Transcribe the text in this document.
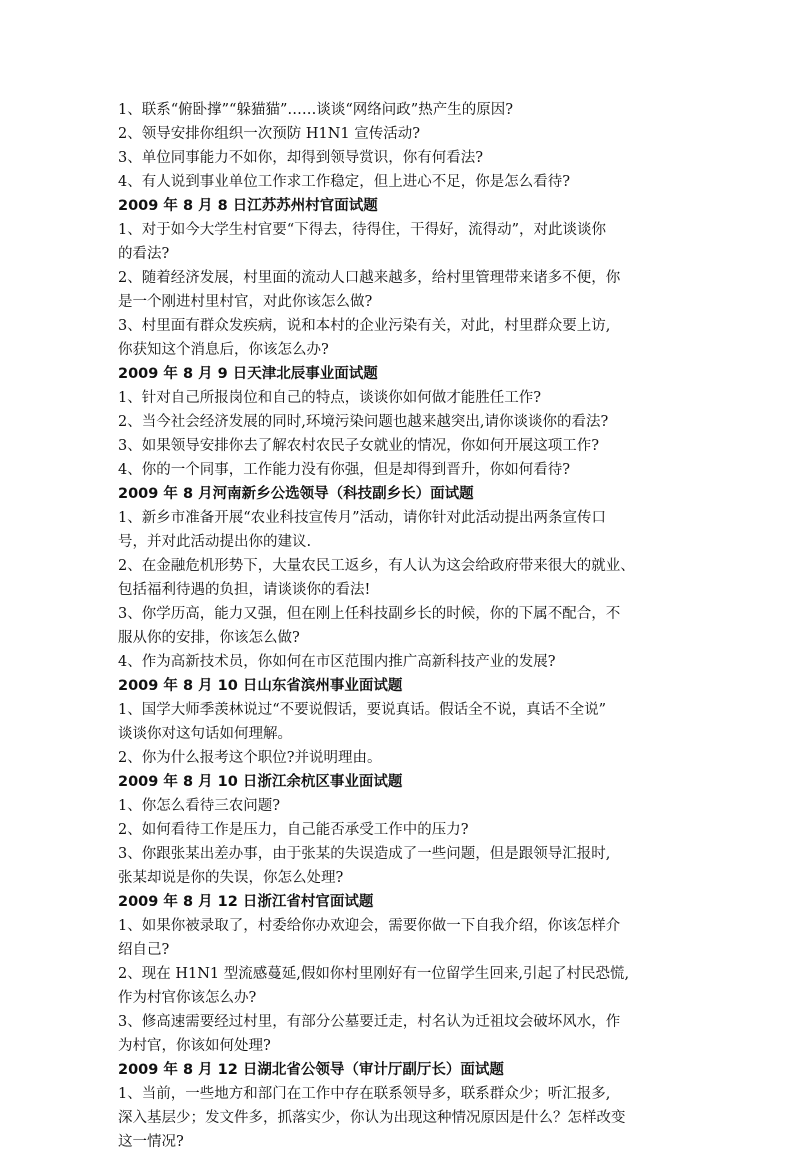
1、联系“俯卧撑”“躲猫猫”……谈谈“网络问政”热产生的原因?
2、领导安排你组织一次预防 H1N1 宣传活动?
3、单位同事能力不如你，却得到领导赏识，你有何看法?
4、有人说到事业单位工作求工作稳定，但上进心不足，你是怎么看待?
2009 年 8 月 8 日江苏苏州村官面试题
1、对于如今大学生村官要“下得去，待得住，干得好，流得动”，对此谈谈你
的看法?
2、随着经济发展，村里面的流动人口越来越多，给村里管理带来诸多不便，你
是一个刚进村里村官，对此你该怎么做?
3、村里面有群众发疾病，说和本村的企业污染有关，对此，村里群众要上访,
你获知这个消息后，你该怎么办?
2009 年 8 月 9 日天津北辰事业面试题
1、针对自己所报岗位和自己的特点，谈谈你如何做才能胜任工作?
2、当今社会经济发展的同时,环境污染问题也越来越突出,请你谈谈你的看法?
3、如果领导安排你去了解农村农民子女就业的情况，你如何开展这项工作?
4、你的一个同事，工作能力没有你强，但是却得到晋升，你如何看待?
2009 年 8 月河南新乡公选领导（科技副乡长）面试题
1、新乡市准备开展“农业科技宣传月”活动，请你针对此活动提出两条宣传口
号，并对此活动提出你的建议.
2、在金融危机形势下，大量农民工返乡，有人认为这会给政府带来很大的就业、
包括福利待遇的负担，请谈谈你的看法!
3、你学历高，能力又强，但在刚上任科技副乡长的时候，你的下属不配合，不
服从你的安排，你该怎么做?
4、作为高新技术员，你如何在市区范围内推广高新科技产业的发展?
2009 年 8 月 10 日山东省滨州事业面试题
1、国学大师季羡林说过“不要说假话，要说真话。假话全不说，真话不全说”
谈谈你对这句话如何理解。
2、你为什么报考这个职位?并说明理由。
2009 年 8 月 10 日浙江余杭区事业面试题
1、你怎么看待三农问题?
2、如何看待工作是压力，自己能否承受工作中的压力?
3、你跟张某出差办事，由于张某的失误造成了一些问题，但是跟领导汇报时,
张某却说是你的失误，你怎么处理?
2009 年 8 月 12 日浙江省村官面试题
1、如果你被录取了，村委给你办欢迎会，需要你做一下自我介绍，你该怎样介
绍自己?
2、现在 H1N1 型流感蔓延,假如你村里刚好有一位留学生回来,引起了村民恐慌,
作为村官你该怎么办?
3、修高速需要经过村里，有部分公墓要迁走，村名认为迁祖坟会破坏风水，作
为村官，你该如何处理?
2009 年 8 月 12 日湖北省公领导（审计厅副厅长）面试题
1、当前，一些地方和部门在工作中存在联系领导多，联系群众少；听汇报多,
深入基层少；发文件多，抓落实少，你认为出现这种情况原因是什么？怎样改变
这一情况?
